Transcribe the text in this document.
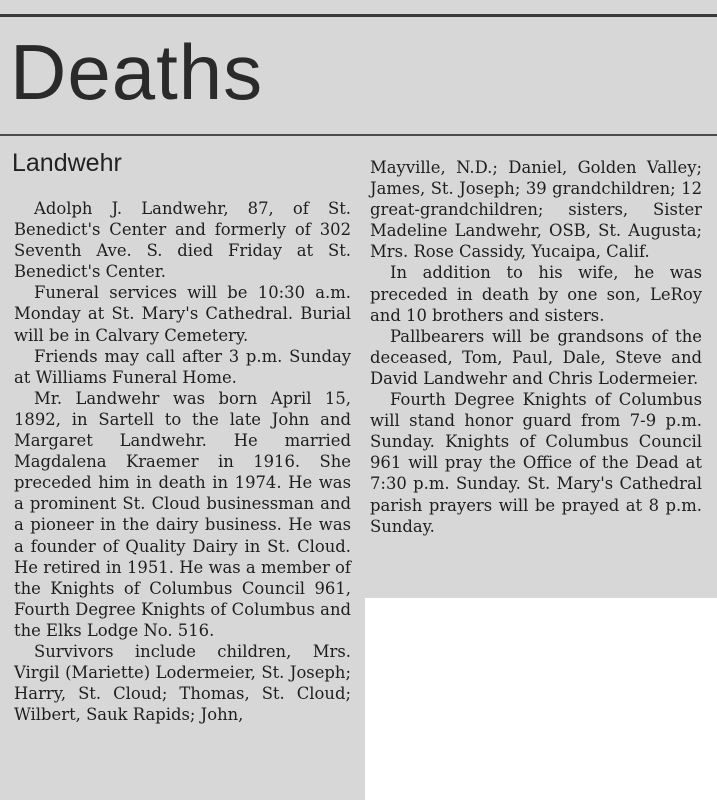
Deaths
Landwehr

Adolph J. Landwehr, 87, of St. Benedict's Center and formerly of 302 Seventh Ave. S. died Friday at St. Benedict's Center.

Funeral services will be 10:30 a.m. Monday at St. Mary's Cathedral. Burial will be in Calvary Cemetery.

Friends may call after 3 p.m. Sunday at Williams Funeral Home.

Mr. Landwehr was born April 15, 1892, in Sartell to the late John and Margaret Landwehr. He married Magdalena Kraemer in 1916. She preceded him in death in 1974. He was a prominent St. Cloud businessman and a pioneer in the dairy business. He was a founder of Quality Dairy in St. Cloud. He retired in 1951. He was a member of the Knights of Columbus Council 961, Fourth Degree Knights of Columbus and the Elks Lodge No. 516.

Survivors include children, Mrs. Virgil (Mariette) Lodermeier, St. Joseph; Harry, St. Cloud; Thomas, St. Cloud; Wilbert, Sauk Rapids; John,

Mayville, N.D.; Daniel, Golden Valley; James, St. Joseph; 39 grandchildren; 12 great-grandchildren; sisters, Sister Madeline Landwehr, OSB, St. Augusta; Mrs. Rose Cassidy, Yucaipa, Calif.

In addition to his wife, he was preceded in death by one son, LeRoy and 10 brothers and sisters.

Pallbearers will be grandsons of the deceased, Tom, Paul, Dale, Steve and David Landwehr and Chris Lodermeier.

Fourth Degree Knights of Columbus will stand honor guard from 7-9 p.m. Sunday. Knights of Columbus Council 961 will pray the Office of the Dead at 7:30 p.m. Sunday. St. Mary's Cathedral parish prayers will be prayed at 8 p.m. Sunday.
